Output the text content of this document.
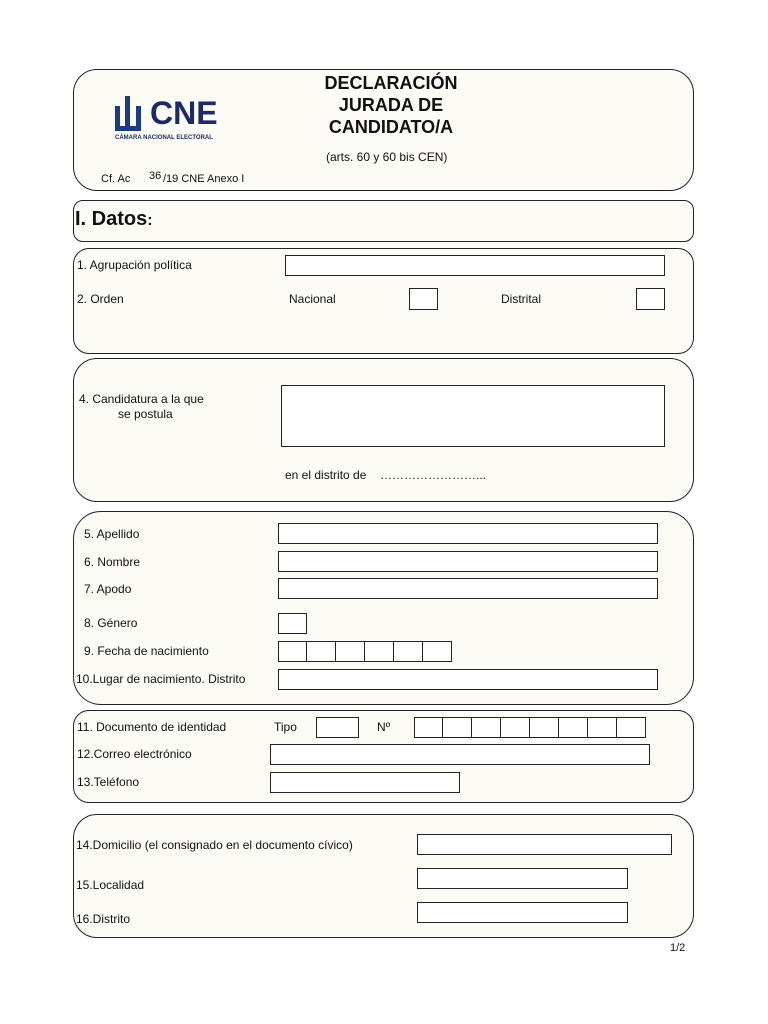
CNE
CÁMARA NACIONAL ELECTORAL
DECLARACIÓN
JURADA DE
CANDIDATO/A
(arts. 60 y 60 bis CEN)
Cf. Ac 36 /19 CNE Anexo I
I. Datos:
1. Agrupación política
2. Orden	Nacional	Distrital
4. Candidatura a la que
se postula
en el distrito de ……………………...
5. Apellido
6. Nombre
7. Apodo
8. Género
9. Fecha de nacimiento
10.Lugar de nacimiento. Distrito
11. Documento de identidad	Tipo	Nº
12.Correo electrónico
13.Teléfono
14.Domicilio (el consignado en el documento cívico)
15.Localidad
16.Distrito
1/2
